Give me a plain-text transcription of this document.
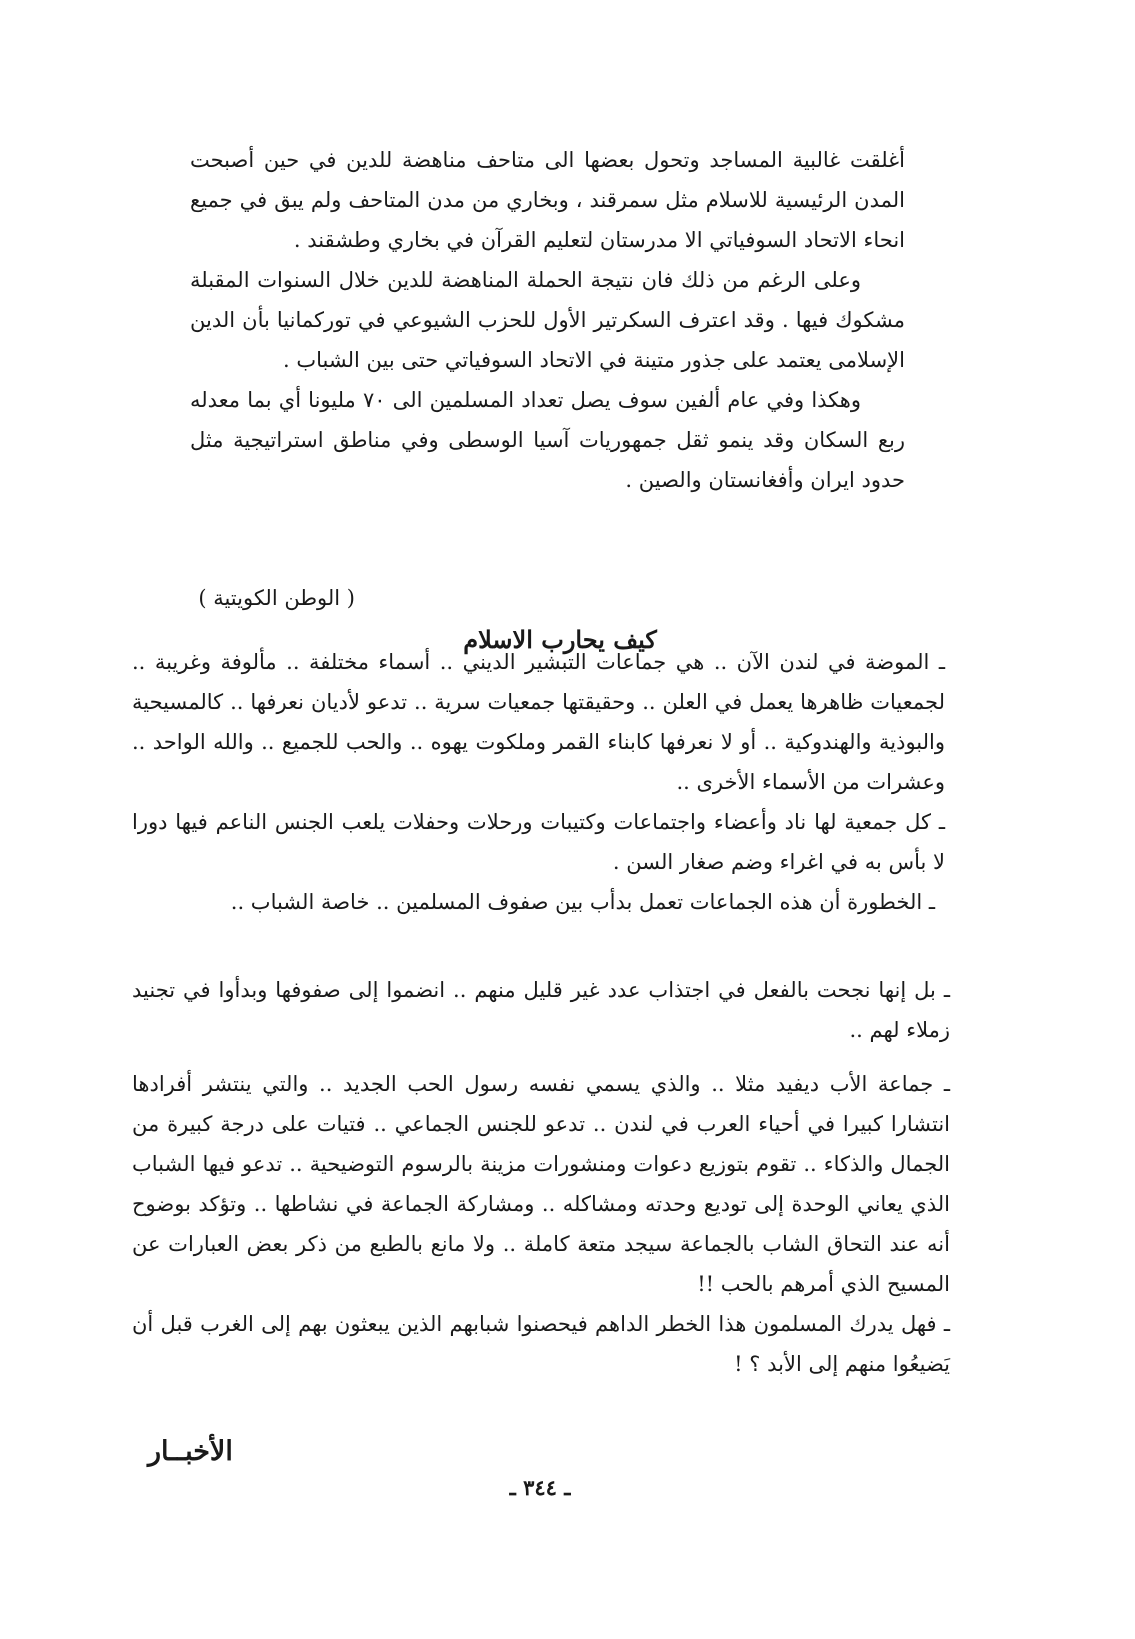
أغلقت غالبية المساجد وتحول بعضها الى متاحف مناهضة للدين في حين أصبحت المدن الرئيسية للاسلام مثل سمرقند ، وبخاري من مدن المتاحف ولم يبق في جميع انحاء الاتحاد السوفياتي الا مدرستان لتعليم القرآن في بخاري وطشقند .

وعلى الرغم من ذلك فان نتيجة الحملة المناهضة للدين خلال السنوات المقبلة مشكوك فيها . وقد اعترف السكرتير الأول للحزب الشيوعي في توركمانيا بأن الدين الإسلامى يعتمد على جذور متينة في الاتحاد السوفياتي حتى بين الشباب .

وهكذا وفي عام ألفين سوف يصل تعداد المسلمين الى ٧٠ مليونا أي بما معدله ربع السكان وقد ينمو ثقل جمهوريات آسيا الوسطى وفي مناطق استراتيجية مثل حدود ايران وأفغانستان والصين .

( الوطن الكويتية )
كيف يحارب الاسلام

ـ الموضة في لندن الآن .. هي جماعات التبشير الديني .. أسماء مختلفة .. مألوفة وغريبة .. لجمعيات ظاهرها يعمل في العلن .. وحقيقتها جمعيات سرية .. تدعو لأديان نعرفها .. كالمسيحية والبوذية والهندوكية .. أو لا نعرفها كابناء القمر وملكوت يهوه .. والحب للجميع .. والله الواحد .. وعشرات من الأسماء الأخرى ..

ـ كل جمعية لها ناد وأعضاء واجتماعات وكتيبات ورحلات وحفلات يلعب الجنس الناعم فيها دورا لا بأس به في اغراء وضم صغار السن .

ـ الخطورة أن هذه الجماعات تعمل بدأب بين صفوف المسلمين .. خاصة الشباب ..

ـ بل إنها نجحت بالفعل في اجتذاب عدد غير قليل منهم .. انضموا إلى صفوفها وبدأوا في تجنيد زملاء لهم ..

ـ جماعة الأب ديفيد مثلا .. والذي يسمي نفسه رسول الحب الجديد .. والتي ينتشر أفرادها انتشارا كبيرا في أحياء العرب في لندن .. تدعو للجنس الجماعي .. فتيات على درجة كبيرة من الجمال والذكاء .. تقوم بتوزيع دعوات ومنشورات مزينة بالرسوم التوضيحية .. تدعو فيها الشباب الذي يعاني الوحدة إلى توديع وحدته ومشاكله .. ومشاركة الجماعة في نشاطها .. وتؤكد بوضوح أنه عند التحاق الشاب بالجماعة سيجد متعة كاملة .. ولا مانع بالطبع من ذكر بعض العبارات عن المسيح الذي أمرهم بالحب !!

ـ فهل يدرك المسلمون هذا الخطر الداهم فيحصنوا شبابهم الذين يبعثون بهم إلى الغرب قبل أن يَضيعُوا منهم إلى الأبد ؟ !

الأخبــار
ـ ٣٤٤ ـ
